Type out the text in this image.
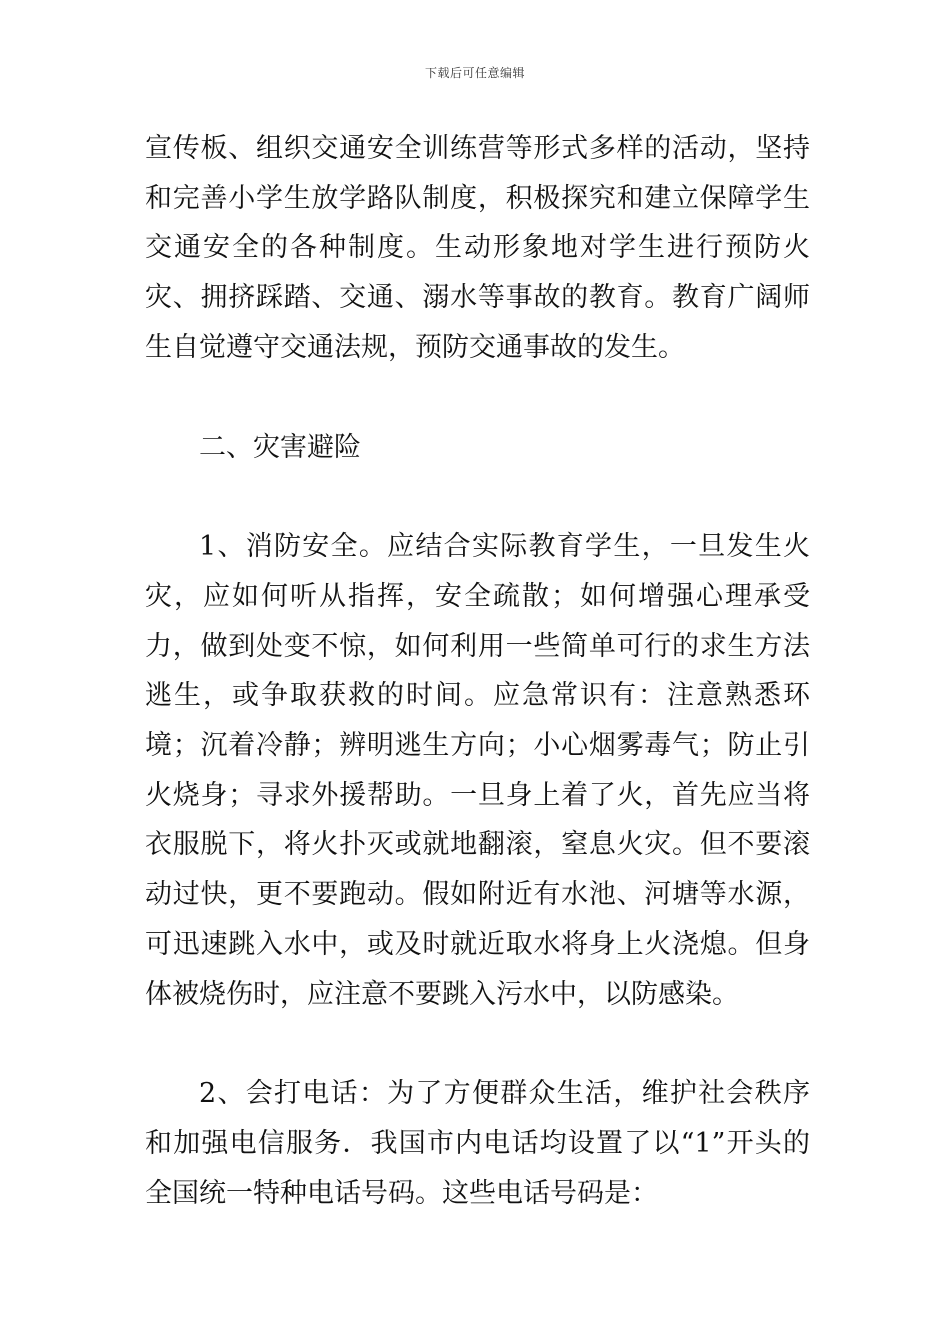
下载后可任意编辑

宣传板、组织交通安全训练营等形式多样的活动，坚持和完善小学生放学路队制度，积极探究和建立保障学生交通安全的各种制度。生动形象地对学生进行预防火灾、拥挤踩踏、交通、溺水等事故的教育。教育广阔师生自觉遵守交通法规，预防交通事故的发生。

二、灾害避险

1、消防安全。应结合实际教育学生，一旦发生火灾，应如何听从指挥，安全疏散；如何增强心理承受力，做到处变不惊，如何利用一些简单可行的求生方法逃生，或争取获救的时间。应急常识有：注意熟悉环境；沉着冷静；辨明逃生方向；小心烟雾毒气；防止引火烧身；寻求外援帮助。一旦身上着了火，首先应当将衣服脱下，将火扑灭或就地翻滚，窒息火灾。但不要滚动过快，更不要跑动。假如附近有水池、河塘等水源，可迅速跳入水中，或及时就近取水将身上火浇熄。但身体被烧伤时，应注意不要跳入污水中，以防感染。

2、会打电话：为了方便群众生活，维护社会秩序和加强电信服务．我国市内电话均设置了以“1”开头的全国统一特种电话号码。这些电话号码是：
